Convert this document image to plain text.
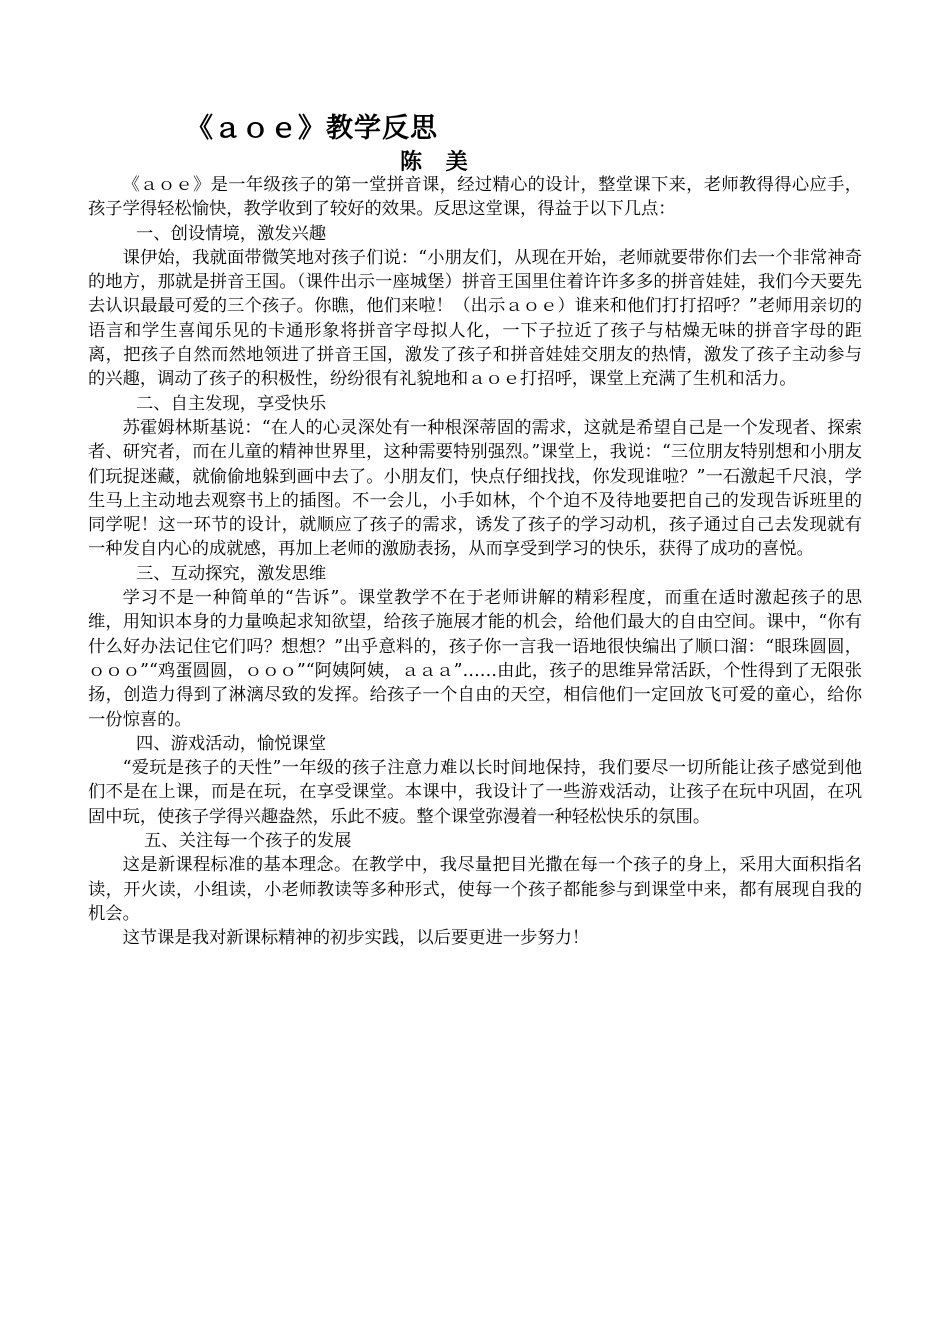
《ａｏｅ》教学反思
陈 美

《ａｏｅ》是一年级孩子的第一堂拼音课，经过精心的设计，整堂课下来，老师教得得心应手，孩子学得轻松愉快，教学收到了较好的效果。反思这堂课，得益于以下几点：

一、创设情境，激发兴趣

课伊始，我就面带微笑地对孩子们说：“小朋友们，从现在开始，老师就要带你们去一个非常神奇的地方，那就是拼音王国。（课件出示一座城堡）拼音王国里住着许许多多的拼音娃娃，我们今天要先去认识最最可爱的三个孩子。你瞧，他们来啦！（出示ａｏｅ）谁来和他们打打招呼？”老师用亲切的语言和学生喜闻乐见的卡通形象将拼音字母拟人化，一下子拉近了孩子与枯燥无味的拼音字母的距离，把孩子自然而然地领进了拼音王国，激发了孩子和拼音娃娃交朋友的热情，激发了孩子主动参与的兴趣，调动了孩子的积极性，纷纷很有礼貌地和ａｏｅ打招呼，课堂上充满了生机和活力。

二、自主发现，享受快乐

苏霍姆林斯基说：“在人的心灵深处有一种根深蒂固的需求，这就是希望自己是一个发现者、探索者、研究者，而在儿童的精神世界里，这种需要特别强烈。”课堂上，我说：“三位朋友特别想和小朋友们玩捉迷藏，就偷偷地躲到画中去了。小朋友们，快点仔细找找，你发现谁啦？”一石激起千尺浪，学生马上主动地去观察书上的插图。不一会儿，小手如林，个个迫不及待地要把自己的发现告诉班里的同学呢！这一环节的设计，就顺应了孩子的需求，诱发了孩子的学习动机，孩子通过自己去发现就有一种发自内心的成就感，再加上老师的激励表扬，从而享受到学习的快乐，获得了成功的喜悦。

三、互动探究，激发思维

学习不是一种简单的“告诉”。课堂教学不在于老师讲解的精彩程度，而重在适时激起孩子的思维，用知识本身的力量唤起求知欲望，给孩子施展才能的机会，给他们最大的自由空间。课中，“你有什么好办法记住它们吗？想想？”出乎意料的，孩子你一言我一语地很快编出了顺口溜：“眼珠圆圆，ｏｏｏ”“鸡蛋圆圆，ｏｏｏ”“阿姨阿姨，ａａａ”……由此，孩子的思维异常活跃，个性得到了无限张扬，创造力得到了淋漓尽致的发挥。给孩子一个自由的天空，相信他们一定回放飞可爱的童心，给你一份惊喜的。

四、游戏活动，愉悦课堂

“爱玩是孩子的天性”一年级的孩子注意力难以长时间地保持，我们要尽一切所能让孩子感觉到他们不是在上课，而是在玩，在享受课堂。本课中，我设计了一些游戏活动，让孩子在玩中巩固，在巩固中玩，使孩子学得兴趣盎然，乐此不疲。整个课堂弥漫着一种轻松快乐的氛围。

五、关注每一个孩子的发展

这是新课程标准的基本理念。在教学中，我尽量把目光撒在每一个孩子的身上，采用大面积指名读，开火读，小组读，小老师教读等多种形式，使每一个孩子都能参与到课堂中来，都有展现自我的机会。

这节课是我对新课标精神的初步实践，以后要更进一步努力！
